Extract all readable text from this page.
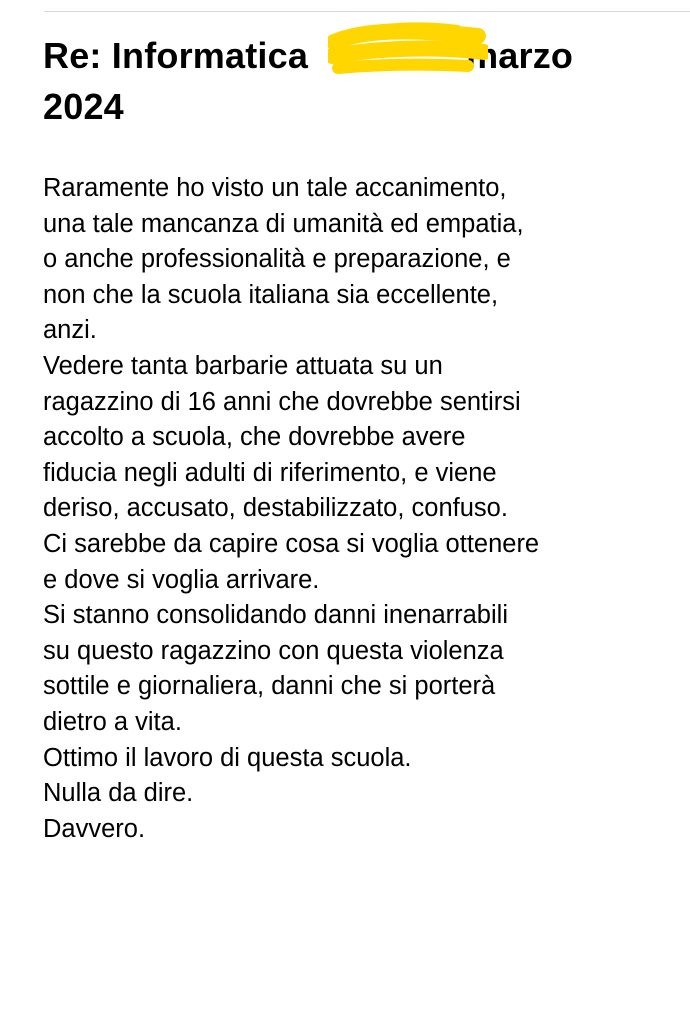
Re: Informatica	marzo
2024
Raramente ho visto un tale accanimento,
una tale mancanza di umanità ed empatia,
o anche professionalità e preparazione, e
non che la scuola italiana sia eccellente,
anzi.
Vedere tanta barbarie attuata su un
ragazzino di 16 anni che dovrebbe sentirsi
accolto a scuola, che dovrebbe avere
fiducia negli adulti di riferimento, e viene
deriso, accusato, destabilizzato, confuso.
Ci sarebbe da capire cosa si voglia ottenere
e dove si voglia arrivare.
Si stanno consolidando danni inenarrabili
su questo ragazzino con questa violenza
sottile e giornaliera, danni che si porterà
dietro a vita.
Ottimo il lavoro di questa scuola.
Nulla da dire.
Davvero.
